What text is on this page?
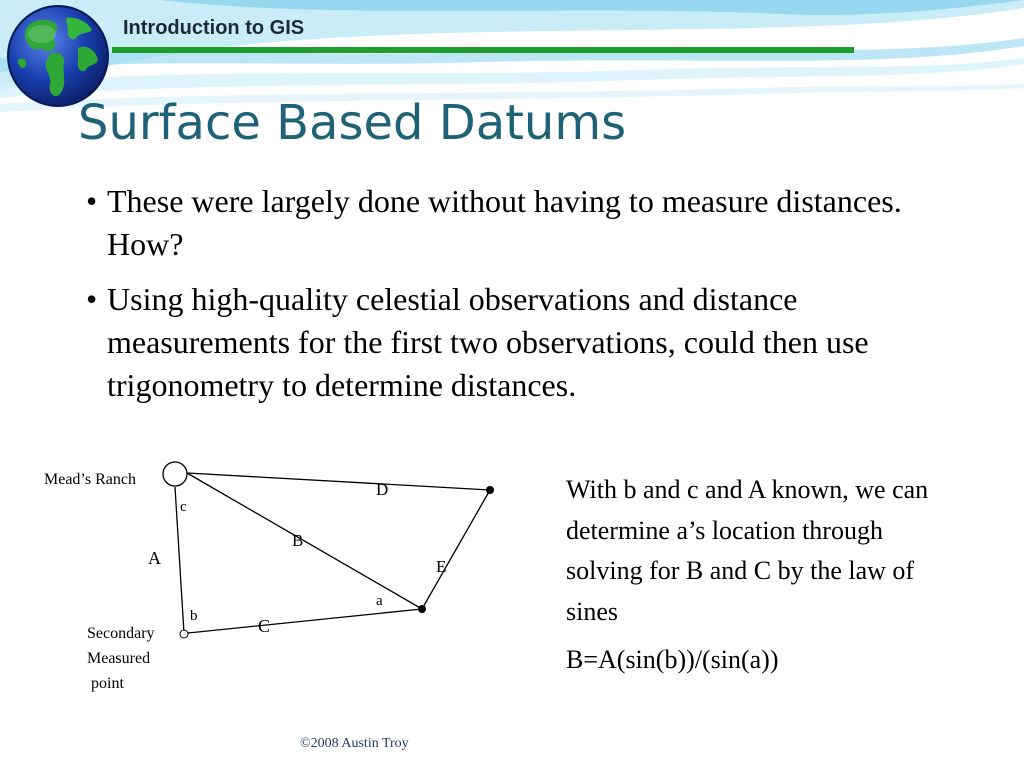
Introduction to GIS
Surface Based Datums
• These were largely done without having to measure distances. How?
• Using high-quality celestial observations and distance measurements for the first two observations, could then use trigonometry to determine distances.
Mead’s Ranch
c
A
B
D
E
a
b	C
Secondary
Measured
point

With b and c and A known, we can determine a’s location through solving for B and C by the law of sines

B=A(sin(b))/(sin(a))

©2008 Austin Troy
